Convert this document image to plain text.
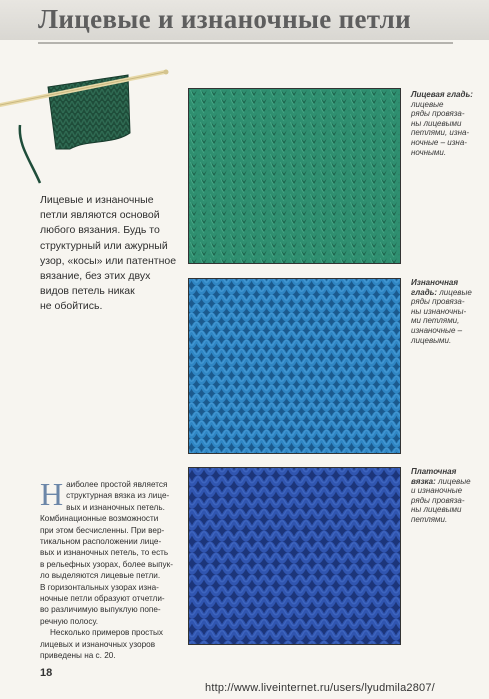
Лицевые и изнаночные петли
Лицевые и изнаночные
петли являются основой
любого вязания. Будь то
структурный или ажурный
узор, «косы» или патентное
вязание, без этих двух
видов петель никак
не обойтись.
Лицевая гладь: лицевые
ряды провяза-
ны лицевыми
петлями, изна-
ночные – изна-
ночными.
Изнаночная гладь: лицевые
ряды провяза-
ны изнаночны-
ми петлями,
изнаночные –
лицевыми.
Платочная вязка: лицевые
и изнаночные
ряды провяза-
ны лицевыми
петлями.
Н аиболее простой является
структурная вязка из лице-
вых и изнаночных петель.
Комбинационные возможности
при этом бесчисленны. При вер-
тикальном расположении лице-
вых и изнаночных петель, то есть
в рельефных узорах, более выпук-
ло выделяются лицевые петли.
В горизонтальных узорах изна-
ночные петли образуют отчетли-
во различимую выпуклую попе-
речную полосу.

Несколько примеров простых
лицевых и изнаночных узоров
приведены на с. 20.

18
http://www.liveinternet.ru/users/lyudmila2807/
